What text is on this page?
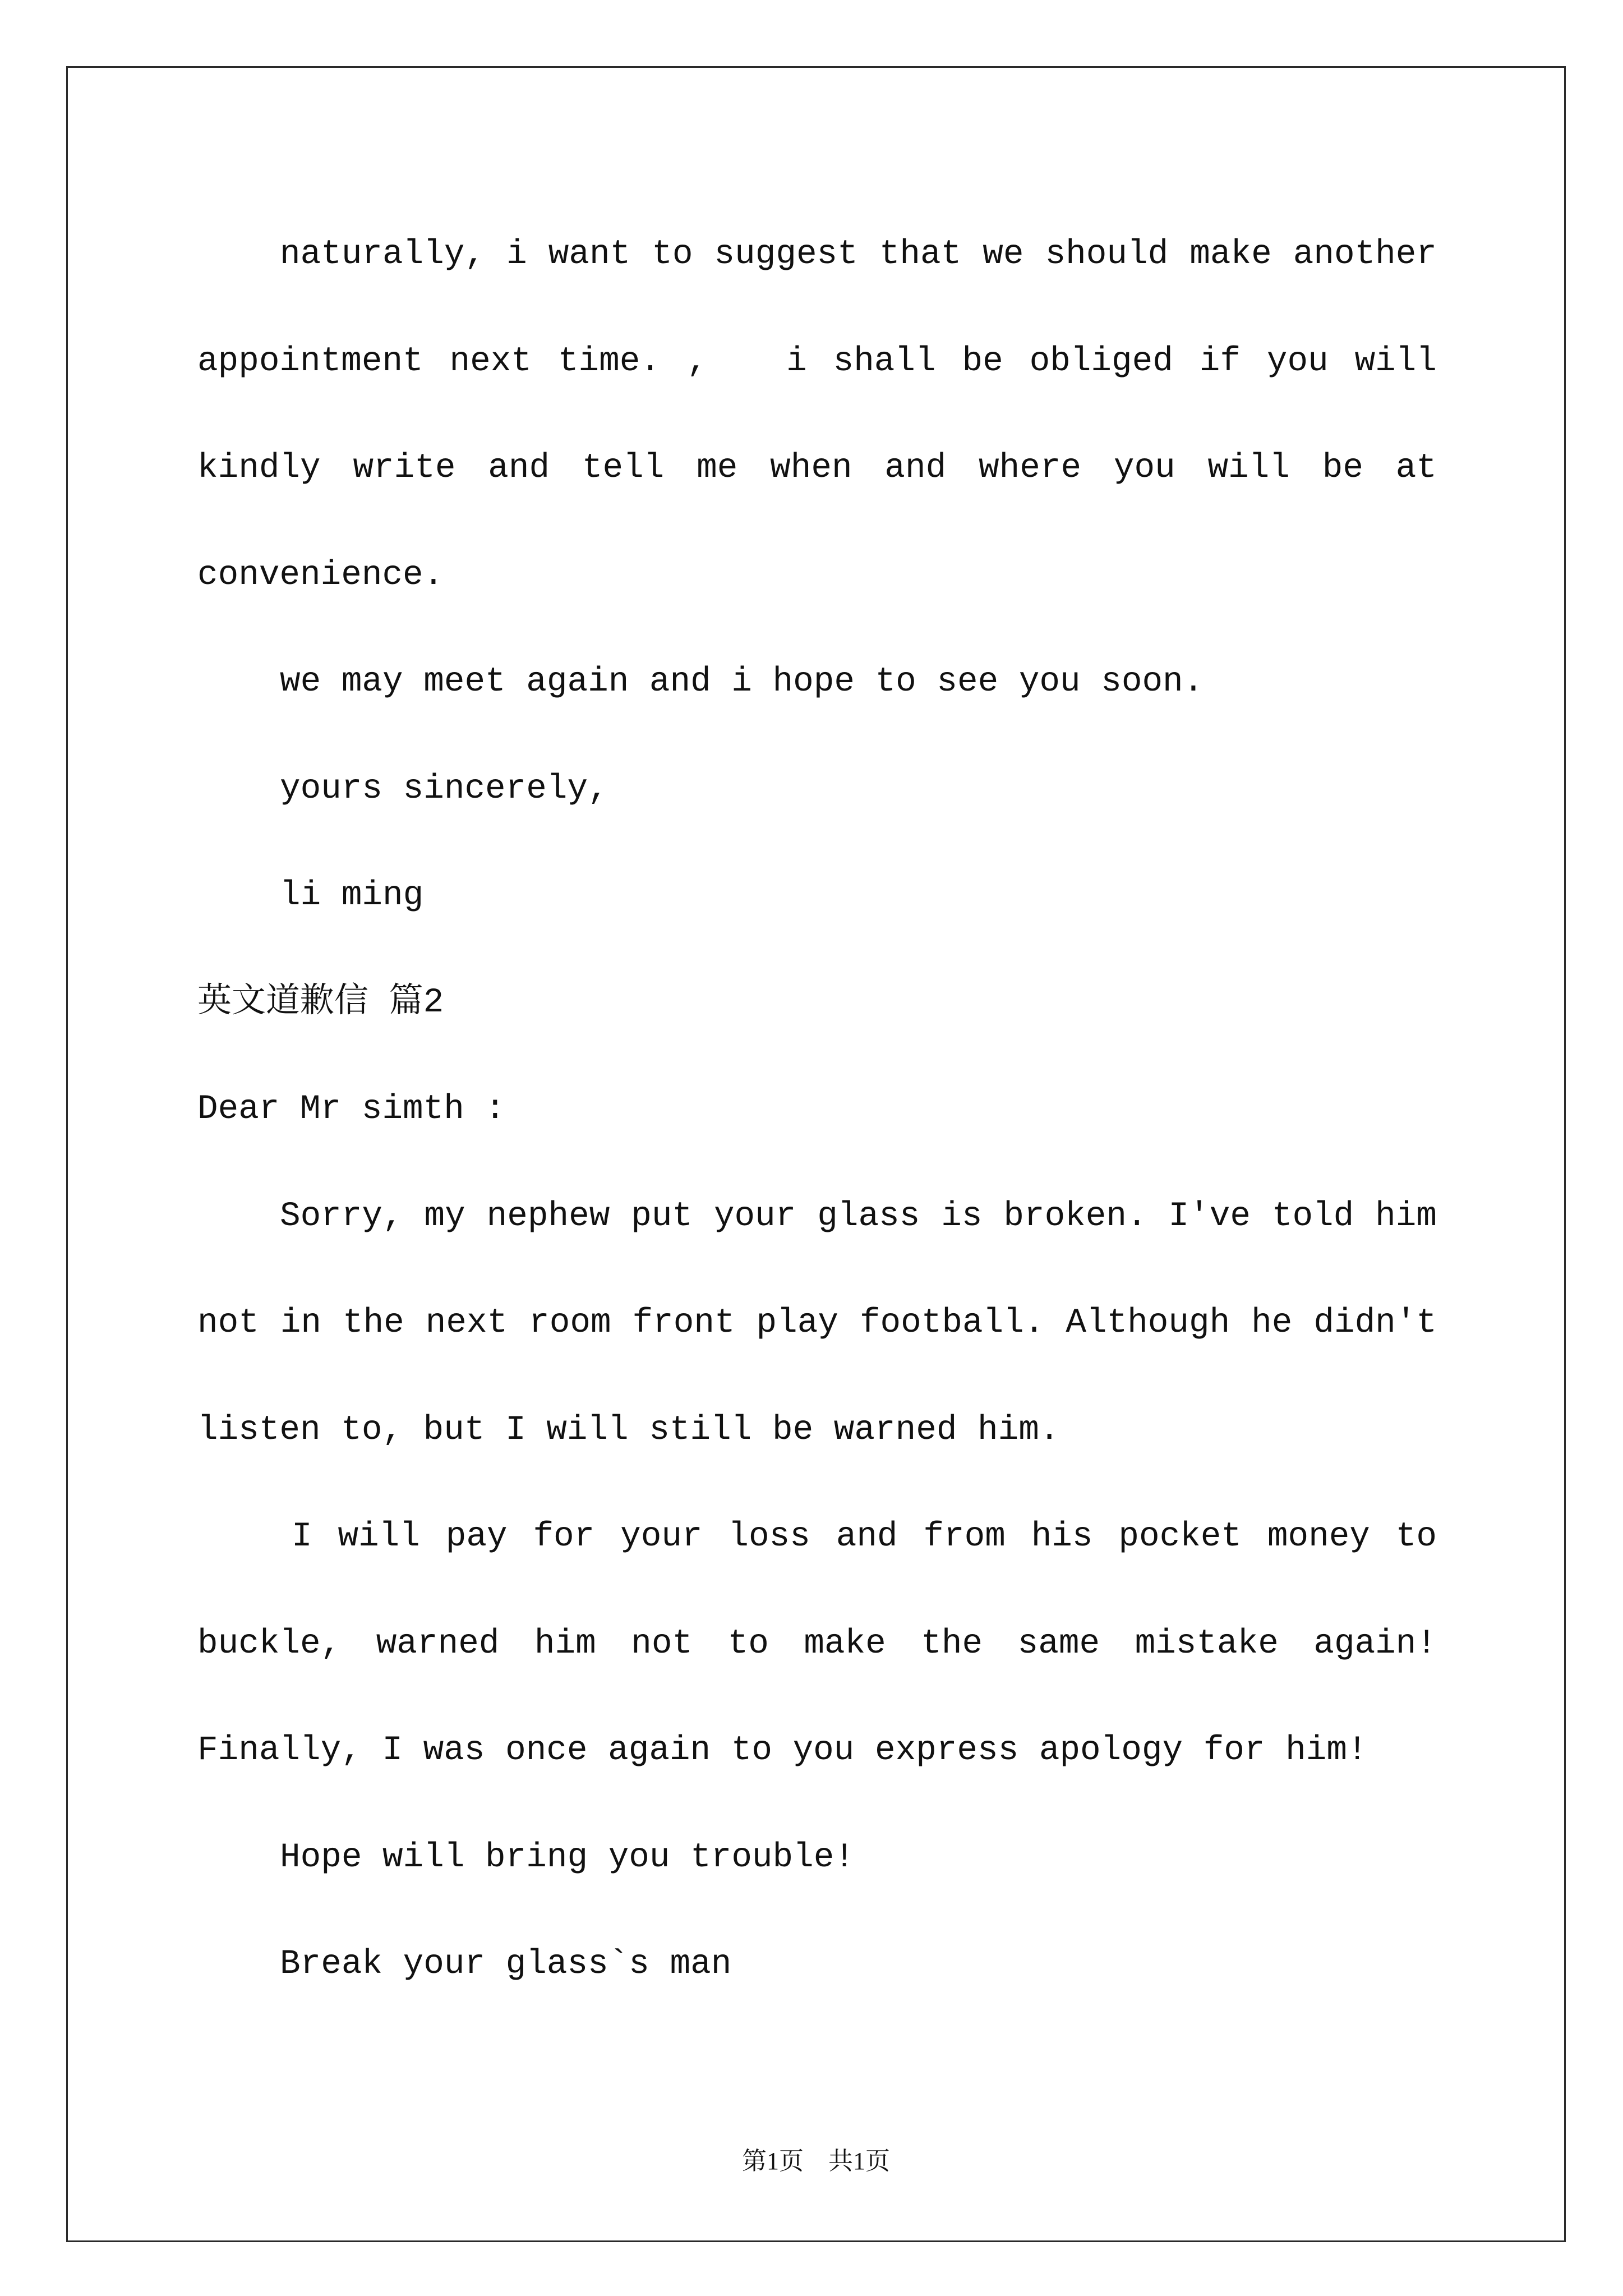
naturally, i want to suggest that we should make another
appointment next time. ,   i shall be obliged if you will
kindly write and tell me when and where you will be at
convenience.
we may meet again and i hope to see you soon.
yours sincerely,
li ming
英文道歉信 篇2
Dear Mr simth :
Sorry, my nephew put your glass is broken. I've told him
not in the next room front play football. Although he didn't
listen to, but I will still be warned him.
I will pay for your loss and from his pocket money to
buckle, warned him not to make the same mistake again!
Finally, I was once again to you express apology for him!
Hope will bring you trouble!
Break your glass`s man
第1页　共1页
